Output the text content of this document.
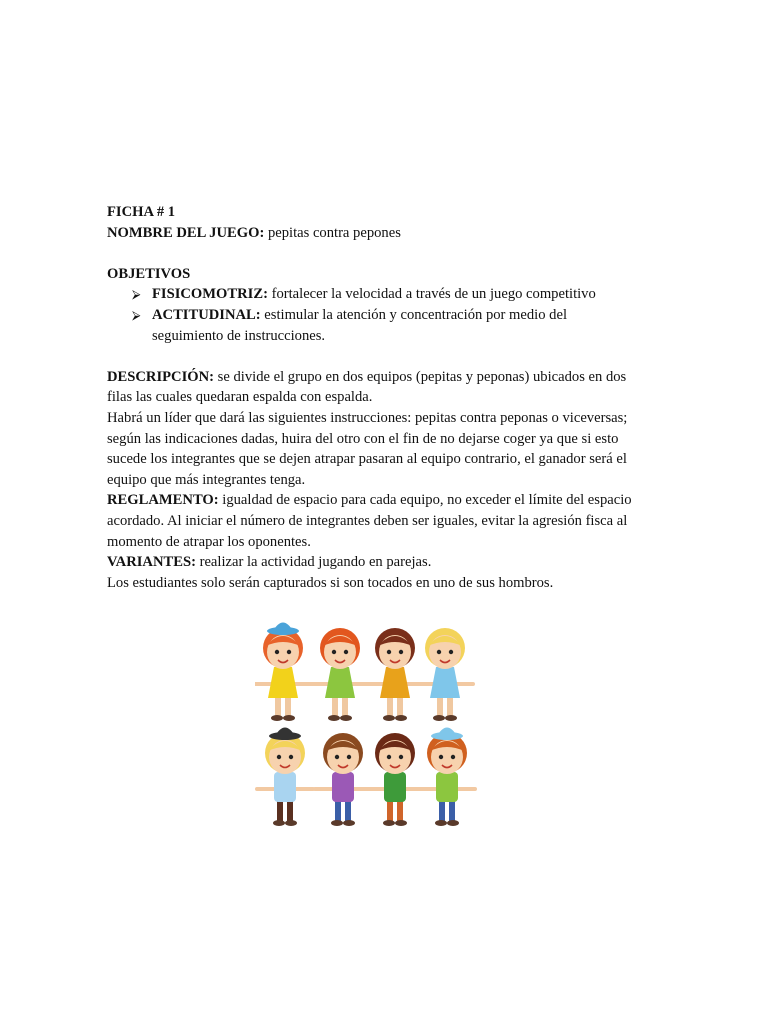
FICHA # 1
NOMBRE DEL JUEGO: pepitas contra pepones
OBJETIVOS
⮚ FISICOMOTRIZ: fortalecer la velocidad a través de un juego competitivo
⮚ ACTITUDINAL: estimular la atención y concentración por medio del
seguimiento de instrucciones.
DESCRIPCIÓN: se divide el grupo en dos equipos (pepitas y peponas) ubicados en dos
filas las cuales quedaran espalda con espalda.
Habrá un líder que dará las siguientes instrucciones: pepitas contra peponas o viceversas;
según las indicaciones dadas, huira del otro con el fin de no dejarse coger ya que si esto
sucede los integrantes que se dejen atrapar pasaran al equipo contrario, el ganador será el
equipo que más integrantes tenga.
REGLAMENTO: igualdad de espacio para cada equipo, no exceder el límite del espacio
acordado. Al iniciar el número de integrantes deben ser iguales, evitar la agresión fisca al
momento de atrapar los oponentes.
VARIANTES: realizar la actividad jugando en parejas.
Los estudiantes solo serán capturados si son tocados en uno de sus hombros.
